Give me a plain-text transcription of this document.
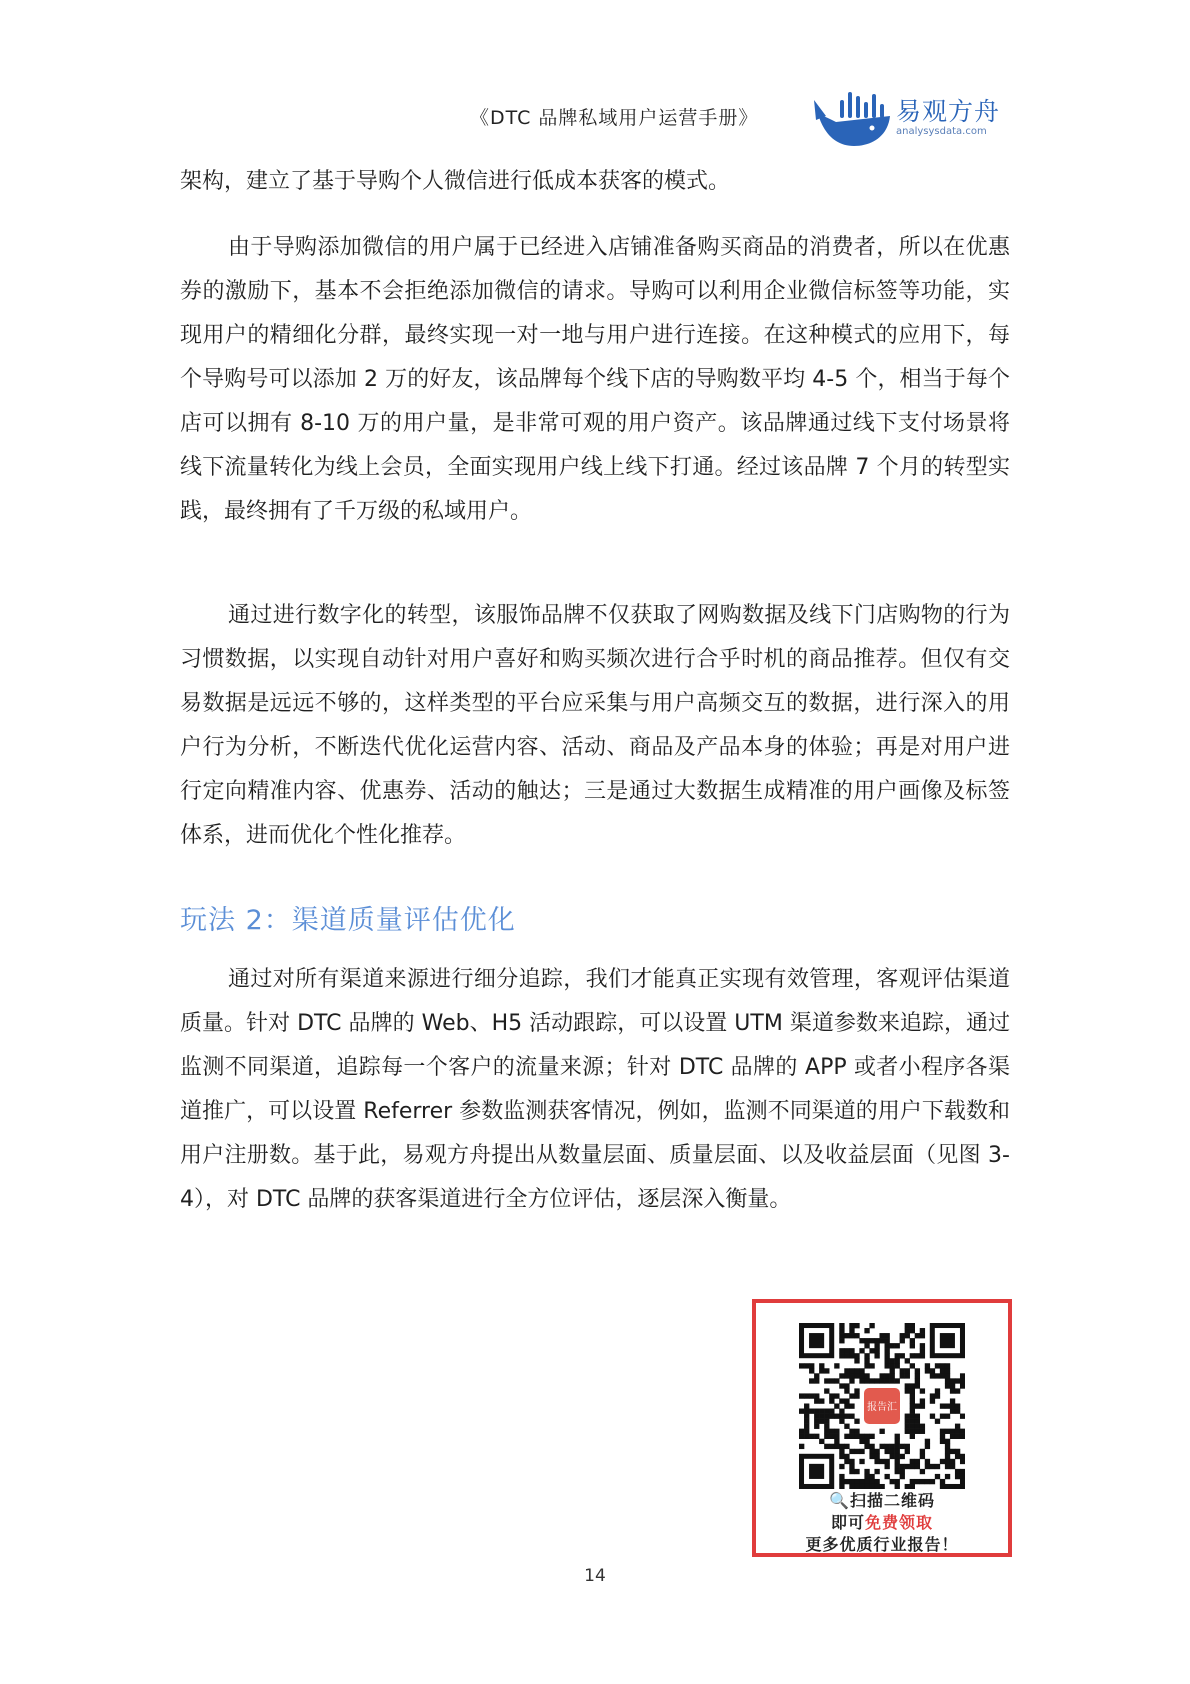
《DTC 品牌私域用户运营手册》	易观方舟
analysysdata.com

架构，建立了基于导购个人微信进行低成本获客的模式。

由于导购添加微信的用户属于已经进入店铺准备购买商品的消费者，所以在优惠券的激励下，基本不会拒绝添加微信的请求。导购可以利用企业微信标签等功能，实现用户的精细化分群，最终实现一对一地与用户进行连接。在这种模式的应用下，每个导购号可以添加 2 万的好友，该品牌每个线下店的导购数平均 4-5 个，相当于每个店可以拥有 8-10 万的用户量，是非常可观的用户资产。该品牌通过线下支付场景将线下流量转化为线上会员，全面实现用户线上线下打通。经过该品牌 7 个月的转型实践，最终拥有了千万级的私域用户。

通过进行数字化的转型，该服饰品牌不仅获取了网购数据及线下门店购物的行为习惯数据，以实现自动针对用户喜好和购买频次进行合乎时机的商品推荐。但仅有交易数据是远远不够的，这样类型的平台应采集与用户高频交互的数据，进行深入的用户行为分析，不断迭代优化运营内容、活动、商品及产品本身的体验；再是对用户进行定向精准内容、优惠券、活动的触达；三是通过大数据生成精准的用户画像及标签体系，进而优化个性化推荐。

玩法 2：渠道质量评估优化

通过对所有渠道来源进行细分追踪，我们才能真正实现有效管理，客观评估渠道质量。针对 DTC 品牌的 Web、H5 活动跟踪，可以设置 UTM 渠道参数来追踪，通过监测不同渠道，追踪每一个客户的流量来源；针对 DTC 品牌的 APP 或者小程序各渠道推广，可以设置 Referrer 参数监测获客情况，例如，监测不同渠道的用户下载数和用户注册数。基于此，易观方舟提出从数量层面、质量层面、以及收益层面（见图 3-4），对 DTC 品牌的获客渠道进行全方位评估，逐层深入衡量。

报告汇
🔍扫描二维码
即可免费领取
更多优质行业报告！
14
